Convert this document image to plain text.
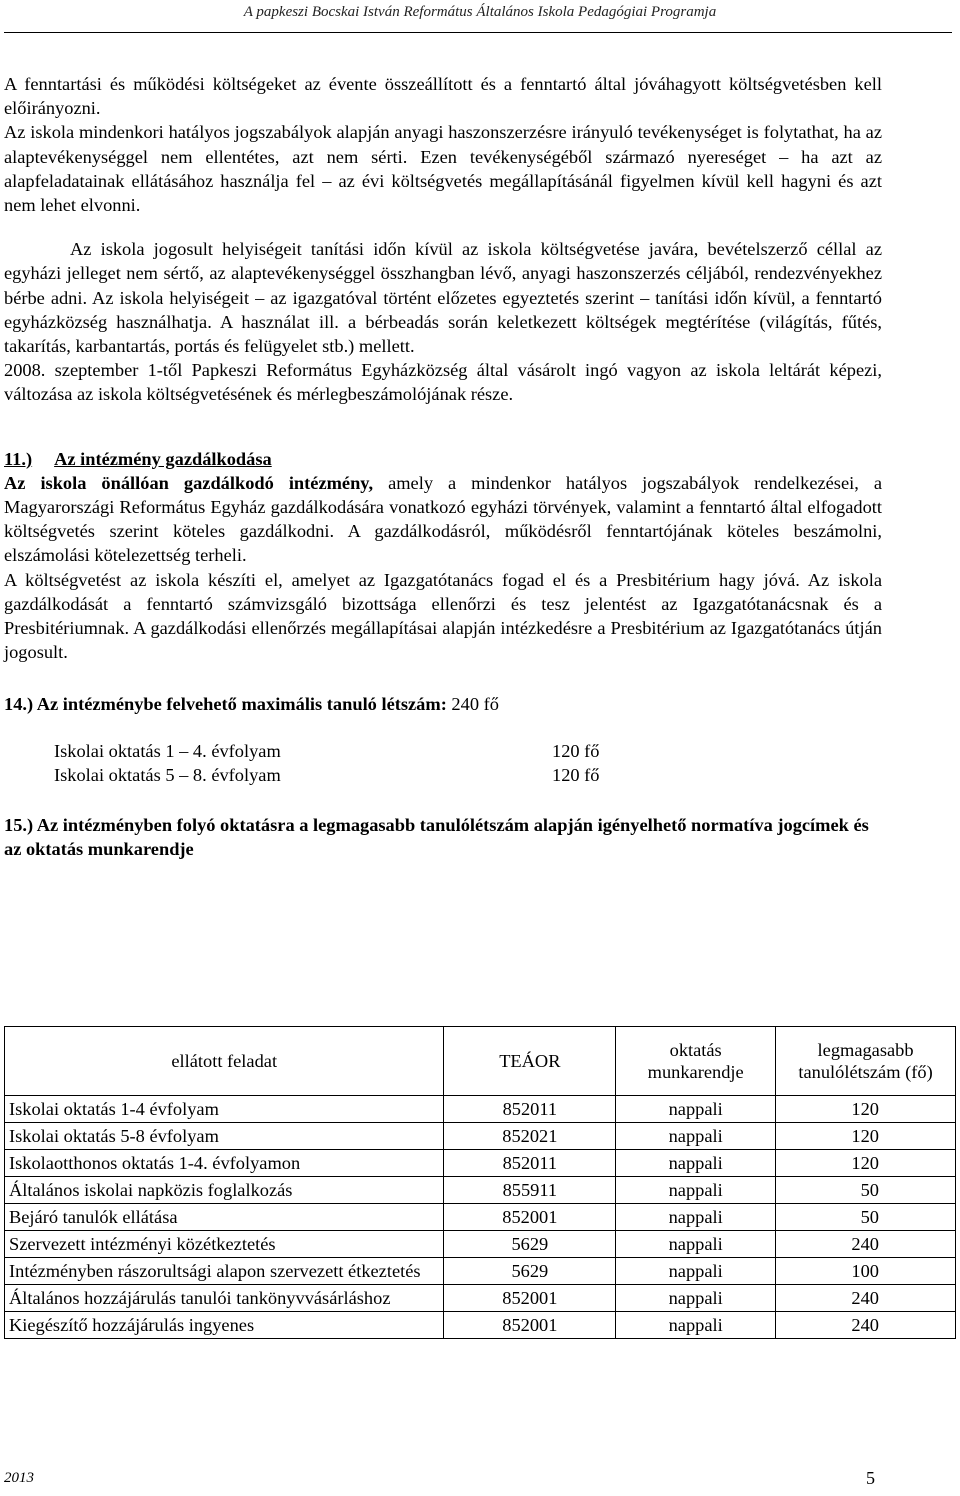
A papkeszi Bocskai István Református Általános Iskola Pedagógiai Programja

A fenntartási és működési költségeket az évente összeállított és a fenntartó által jóváhagyott költségvetésben kell előirányozni.

Az iskola mindenkori hatályos jogszabályok alapján anyagi haszonszerzésre irányuló tevékenységet is folytathat, ha az alaptevékenységgel nem ellentétes, azt nem sérti. Ezen tevékenységéből származó nyereséget – ha azt az alapfeladatainak ellátásához használja fel – az évi költségvetés megállapításánál figyelmen kívül kell hagyni és azt nem lehet elvonni.

Az iskola jogosult helyiségeit tanítási időn kívül az iskola költségvetése javára, bevételszerző céllal az egyházi jelleget nem sértő, az alaptevékenységgel összhangban lévő, anyagi haszonszerzés céljából, rendezvényekhez bérbe adni. Az iskola helyiségeit – az igazgatóval történt előzetes egyeztetés szerint – tanítási időn kívül, a fenntartó egyházközség használhatja. A használat ill. a bérbeadás során keletkezett költségek megtérítése (világítás, fűtés, takarítás, karbantartás, portás és felügyelet stb.) mellett.

2008. szeptember 1-től Papkeszi Református Egyházközség által vásárolt ingó vagyon az iskola leltárát képezi, változása az iskola költségvetésének és mérlegbeszámolójának része.

11.) Az intézmény gazdálkodása

Az iskola önállóan gazdálkodó intézmény, amely a mindenkor hatályos jogszabályok rendelkezései, a Magyarországi Református Egyház gazdálkodására vonatkozó egyházi törvények, valamint a fenntartó által elfogadott költségvetés szerint köteles gazdálkodni. A gazdálkodásról, működésről fenntartójának köteles beszámolni, elszámolási kötelezettség terheli.

A költségvetést az iskola készíti el, amelyet az Igazgatótanács fogad el és a Presbitérium hagy jóvá. Az iskola gazdálkodását a fenntartó számvizsgáló bizottsága ellenőrzi és tesz jelentést az Igazgatótanácsnak és a Presbitériumnak. A gazdálkodási ellenőrzés megállapításai alapján intézkedésre a Presbitérium az Igazgatótanács útján jogosult.

14.) Az intézménybe felvehető maximális tanuló létszám: 240 fő

Iskolai oktatás 1 – 4. évfolyam	120 fő
Iskolai oktatás 5 – 8. évfolyam	120 fő

15.) Az intézményben folyó oktatásra a legmagasabb tanulólétszám alapján igényelhető normatíva jogcímek és az oktatás munkarendje

ellátott feladat	TEÁOR	oktatás munkarendje	legmagasabb tanulólétszám (fő)
Iskolai oktatás 1-4 évfolyam	852011	nappali	120
Iskolai oktatás 5-8 évfolyam	852021	nappali	120
Iskolaotthonos oktatás 1-4. évfolyamon	852011	nappali	120
Általános iskolai napközis foglalkozás	855911	nappali	50
Bejáró tanulók ellátása	852001	nappali	50
Szervezett intézményi közétkeztetés	5629	nappali	240
Intézményben rászorultsági alapon szervezett étkeztetés	5629	nappali	100
Általános hozzájárulás tanulói tankönyvvásárláshoz	852001	nappali	240
Kiegészítő hozzájárulás ingyenes	852001	nappali	240
2013	5
